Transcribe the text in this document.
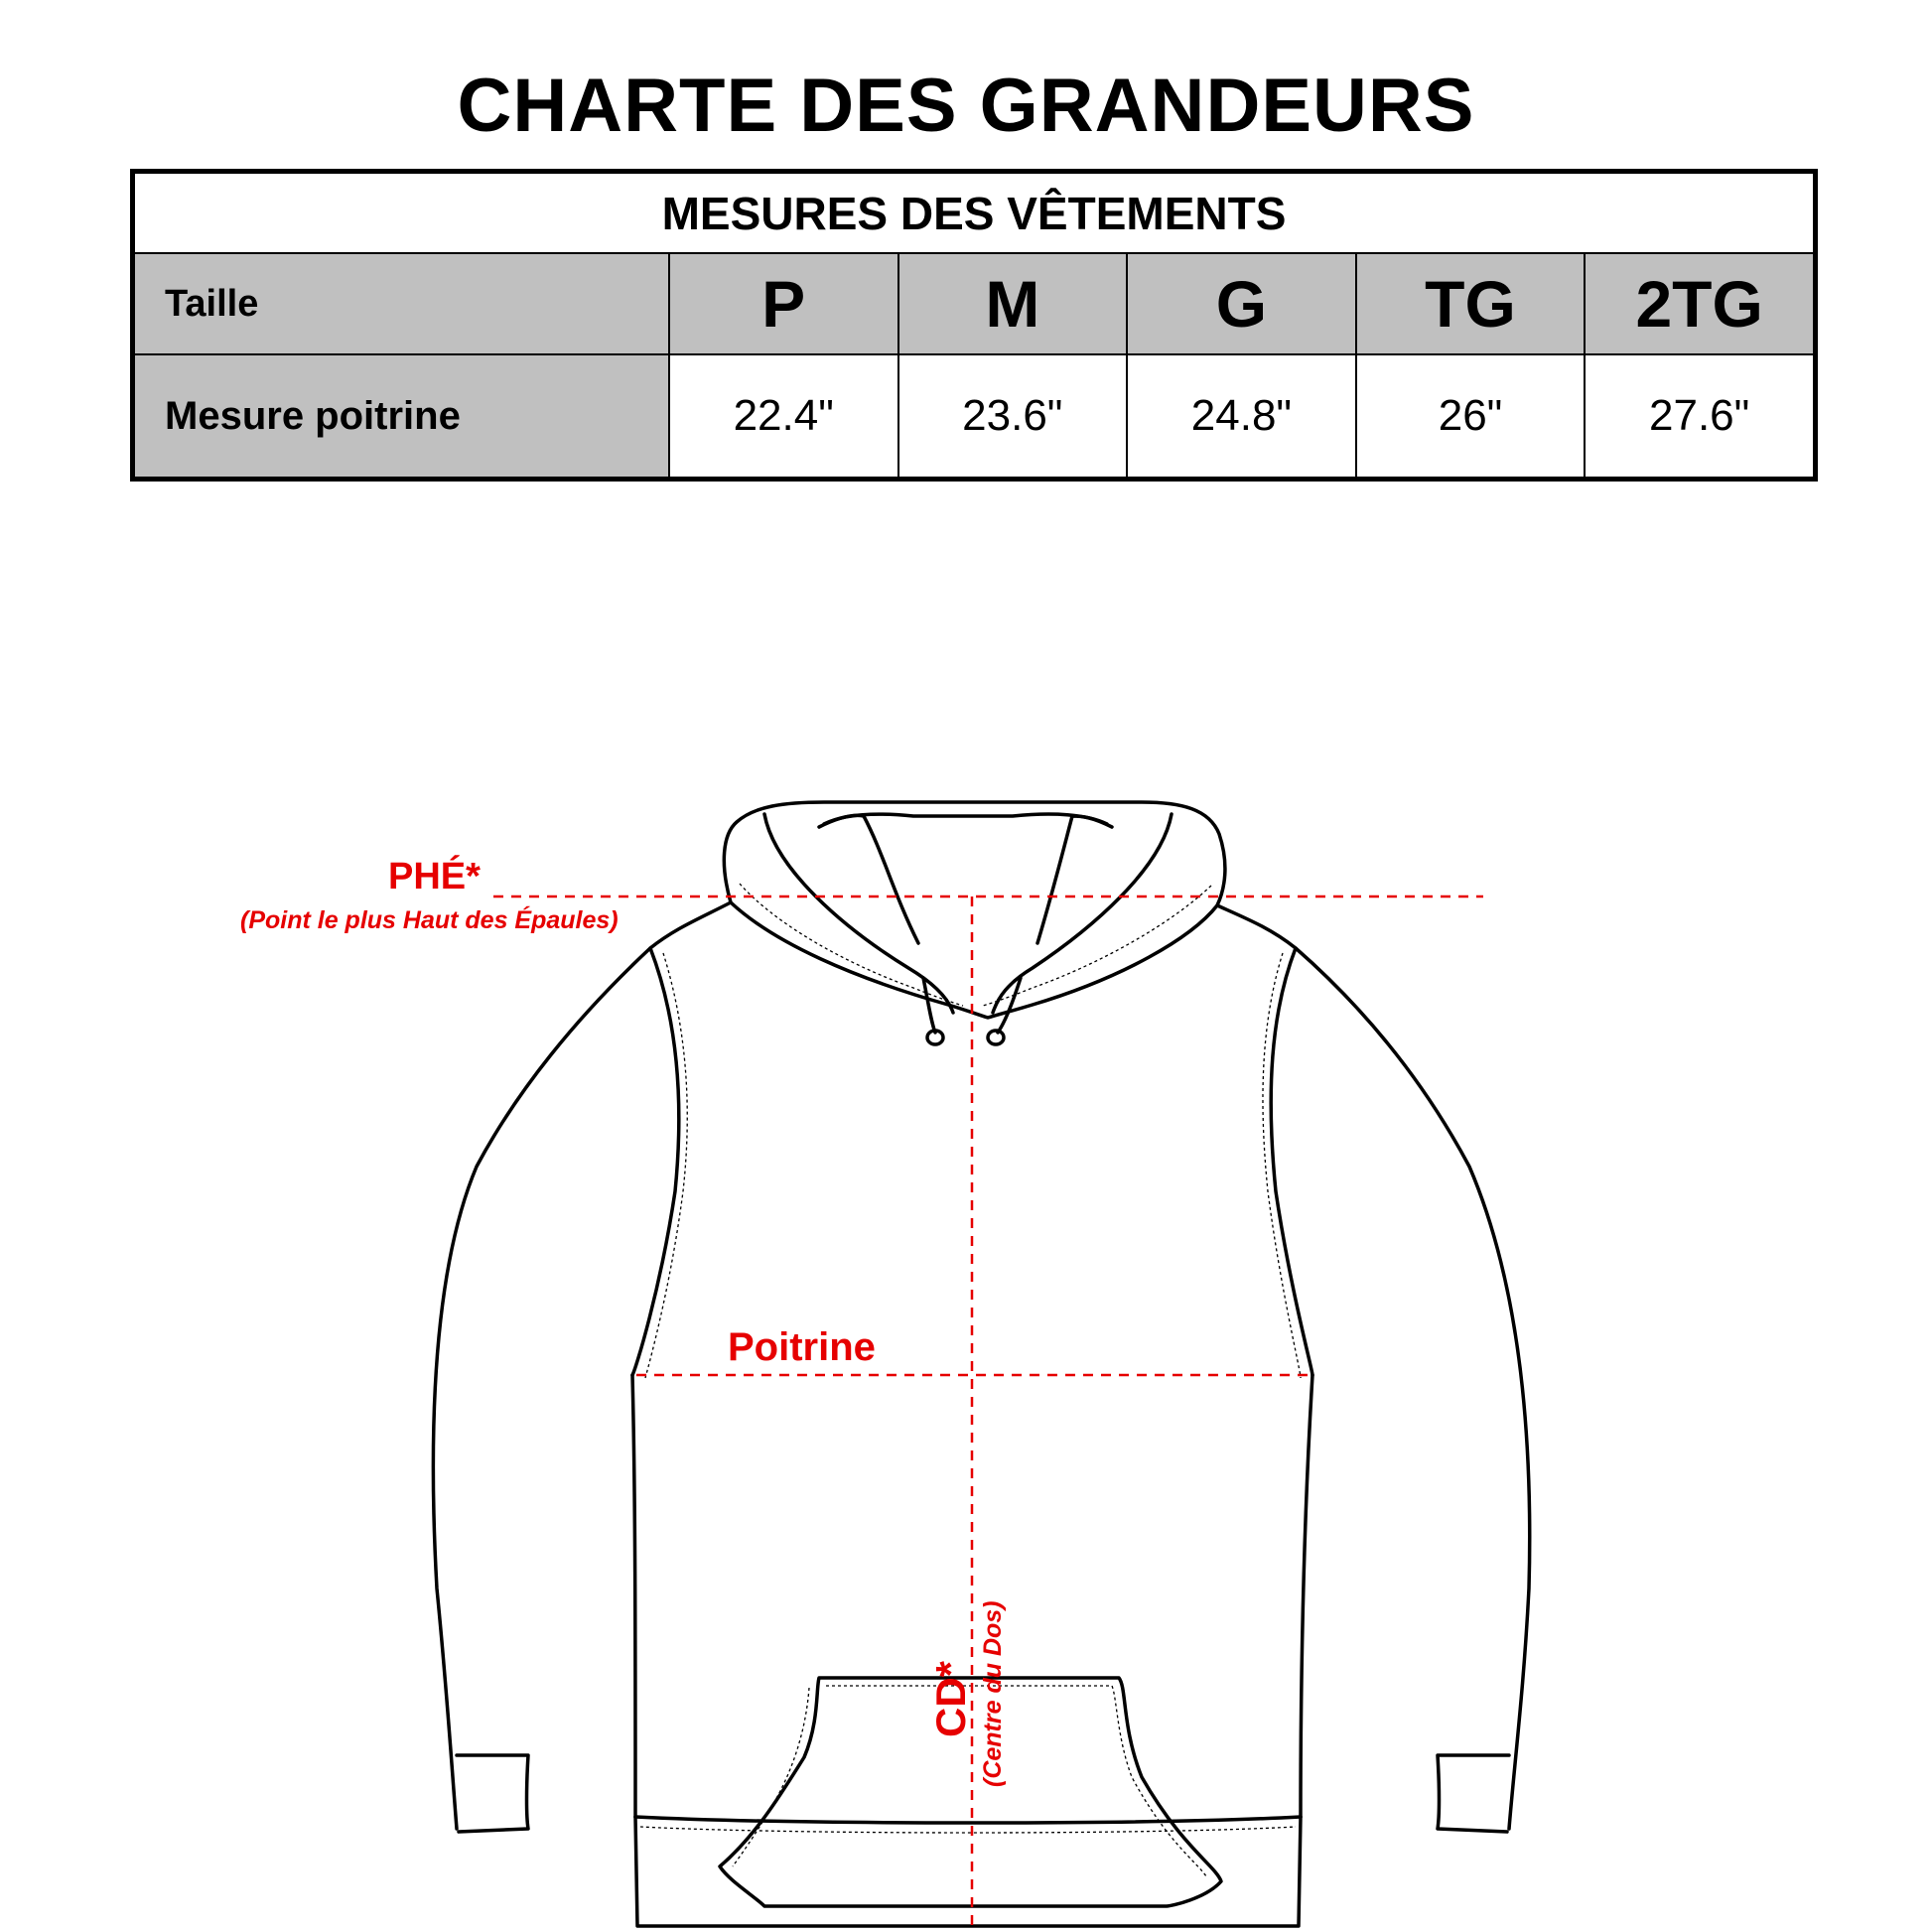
CHARTE DES GRANDEURS
MESURES DES VÊTEMENTS					
Taille	P	M	G	TG	2TG
Mesure poitrine	22.4"	23.6"	24.8"	26"	27.6"
PHÉ*
(Point le plus Haut des Épaules)
Poitrine
CD* (Centre du Dos)
